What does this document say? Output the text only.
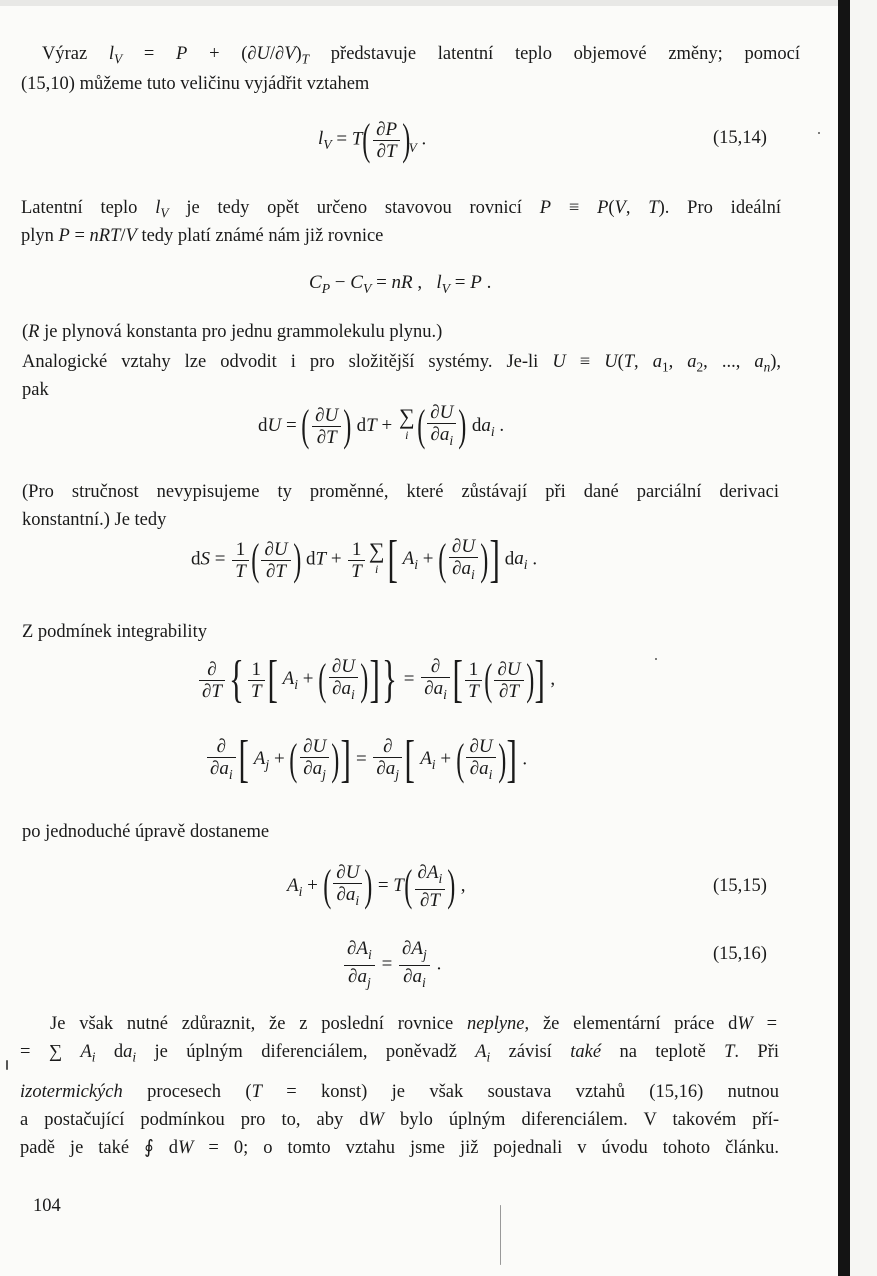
Výraz $l_V = P + (\partial U/\partial V)_T$ představuje latentní teplo objemové změny; pomocí
(15,10) můžeme tuto veličinu vyjádřit vztahem
$l_V = T( \frac{\partial P}{\partial T} )V$ .	(15,14)
Latentní teplo $l_V$ je tedy opět určeno stavovou rovnicí P ≡ P(V, T). Pro ideální
plyn P = nRT/V tedy platí známé nám již rovnice
$C_P - C_V$ = nR ,   $l_V = P$ .
(R je plynová konstanta pro jednu grammolekulu plynu.)
Analogické vztahy lze odvodit i pro složitější systémy. Je-li U ≡ U(T, $a_1$, $a_2$, ..., $a_n$),
pak
dU = ( $\frac{\partial U}{\partial T}$ ) dT + ∑
i ( $\frac{\partial U}{\partial a_i}$ ) $da_i$ .
(Pro stručnost nevypisujeme ty proměnné, které zůstávají při dané parciální derivaci
konstantní.) Je tedy
dS = $\frac{1}{T}$ ( $\frac{\partial U}{\partial T}$ ) dT + $\frac{1}{T}$ ∑
i [ $A_i$ + ( $\frac{\partial U}{\partial a_i}$ )] $da_i$ .
Z podmínek integrability
∂
∂T { $\frac{1}{T}$ [ $A_i$ + ( $\frac{\partial U}{\partial a_i}$ )]} =
∂
$\partial a_i$ [ $\frac{1}{T}$ ( $\frac{\partial U}{\partial T}$ )] ,
∂
$\partial a_i$ [ $A_j$ + ( $\frac{\partial U}{\partial a_j}$ )] =
∂
$\partial a_j$ [ $A_i$ + ( $\frac{\partial U}{\partial a_i}$ )] .
po jednoduché úpravě dostaneme
$A_i$ + ( $\frac{\partial U}{\partial a_i}$ ) = $T( \frac{\partial A_i}{\partial T}$ ) ,	(15,15)
$\frac{\partial A_i}{\partial a_j} = \frac{\partial A_j}{\partial a_i}$ .	(15,16)
Je však nutné zdůraznit, že z poslední rovnice neplyne, že elementární práce dW =
= ∑ $A_i$ $da_i$ je úplným diferenciálem, poněvadž $A_i$ závisí také na teplotě T. Při
izotermických procesech (T = konst) je však soustava vztahů (15,16) nutnou
a postačující podmínkou pro to, aby dW bylo úplným diferenciálem. V takovém pří-
padě je také ∮ dW = 0; o tomto vztahu jsme již pojednali v úvodu tohoto článku.
104
